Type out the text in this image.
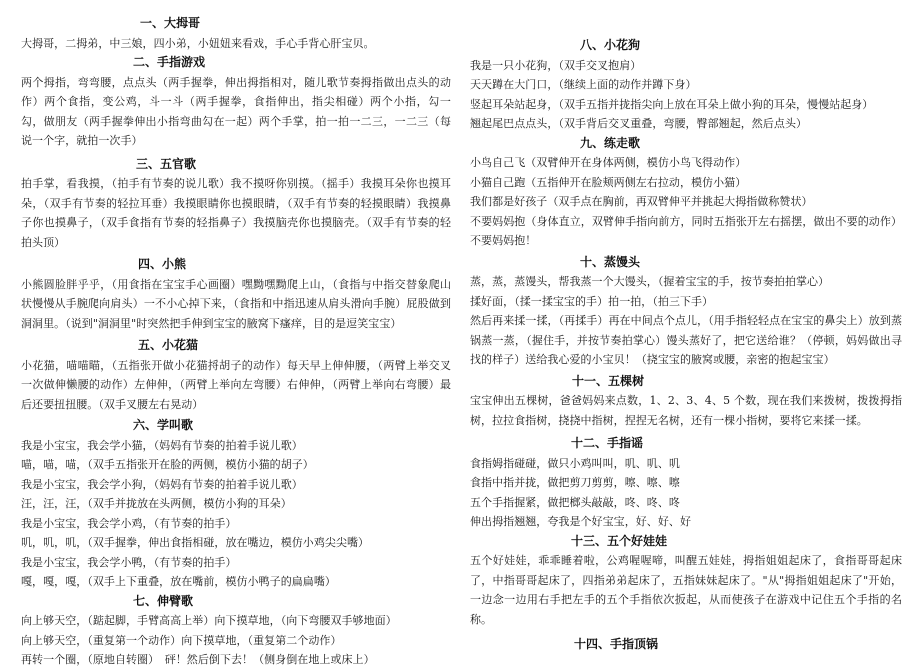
一、大拇哥

大拇哥，二拇弟，中三娘，四小弟，小妞妞来看戏，手心手背心肝宝贝。

二、手指游戏

两个拇指，弯弯腰，点点头（两手握拳，伸出拇指相对，随儿歌节奏拇指做出点头的动作）两个食指，变公鸡，斗一斗（两手握拳，食指伸出，指尖相碰）两个小指，勾一勾，做朋友（两手握拳伸出小指弯曲勾在一起）两个手掌，拍一拍一二三，一二三（每说一个字，就拍一次手）

三、五官歌

拍手掌，看我摸，（拍手有节奏的说儿歌）我不摸呀你别摸。（摇手）我摸耳朵你也摸耳朵，（双手有节奏的轻拉耳垂）我摸眼睛你也摸眼睛，（双手有节奏的轻摸眼睛）我摸鼻子你也摸鼻子，（双手食指有节奏的轻指鼻子）我摸脑壳你也摸脑壳。（双手有节奏的轻拍头顶）

四、小熊

小熊圆脸胖乎乎，（用食指在宝宝手心画圈）嘿黝嘿黝爬上山，（食指与中指交替象爬山状慢慢从手腕爬向肩头）一不小心掉下来，（食指和中指迅速从肩头滑向手腕）屁股做到洞洞里。（说到"洞洞里"时突然把手伸到宝宝的腋窝下瘙痒，目的是逗笑宝宝）

五、小花猫

小花猫，喵喵瞄，（五指张开做小花猫捋胡子的动作）每天早上伸伸腰，（两臂上举交叉一次做伸懒腰的动作）左伸伸，（两臂上举向左弯腰）右伸伸，（两臂上举向右弯腰）最后还要扭扭腰。（双手叉腰左右晃动）

六、学叫歌
我是小宝宝，我会学小猫，（妈妈有节奏的拍着手说儿歌）
喵，喵，喵，（双手五指张开在脸的两侧，模仿小猫的胡子）
我是小宝宝，我会学小狗，（妈妈有节奏的拍着手说儿歌）
汪，汪，汪，（双手并拢放在头两侧，模仿小狗的耳朵）
我是小宝宝，我会学小鸡，（有节奏的拍手）
叽，叽，叽，（双手握拳，伸出食指相碰，放在嘴边，模仿小鸡尖尖嘴）
我是小宝宝，我会学小鸭，（有节奏的拍手）
嘎，嘎，嘎，（双手上下重叠，放在嘴前，模仿小鸭子的扁扁嘴）
七、伸臂歌
向上够天空，（踮起脚，手臂高高上举）向下摸草地，（向下弯腰双手够地面）
向上够天空，（重复第一个动作）向下摸草地，（重复第二个动作）
再转一个圈，（原地自转圈）　砰！然后倒下去！（侧身倒在地上或床上）
八、小花狗
我是一只小花狗，（双手交叉抱肩）
天天蹲在大门口，（继续上面的动作并蹲下身）
竖起耳朵站起身，（双手五指并拢指尖向上放在耳朵上做小狗的耳朵，慢慢站起身）
翘起尾巴点点头，（双手背后交叉重叠，弯腰，臀部翘起，然后点头）
九、练走歌
小鸟自己飞（双臂伸开在身体两侧，模仿小鸟飞得动作）
小猫自己跑（五指伸开在脸颊两侧左右拉动，模仿小猫）
我们都是好孩子（双手点在胸前，再双臂伸平并挑起大拇指做称赞状）

不要妈妈抱（身体直立，双臂伸手指向前方，同时五指张开左右摇摆，做出不要的动作）不要妈妈抱！

十、蒸馒头
蒸，蒸，蒸馒头，帮我蒸一个大馒头，（握着宝宝的手，按节奏拍拍掌心）
揉好面，（揉一揉宝宝的手）拍一拍，（拍三下手）

然后再来揉一揉，（再揉手）再在中间点个点儿，（用手指轻轻点在宝宝的鼻尖上）放到蒸锅蒸一蒸，（握住手，并按节奏拍掌心）馒头蒸好了，把它送给谁？（停顿，妈妈做出寻找的样子）送给我心爱的小宝贝！（挠宝宝的腋窝或腰，亲密的抱起宝宝）

十一、五棵树

宝宝伸出五棵树，爸爸妈妈来点数，1、2、3、4、5 个数，现在我们来拨树，拨拨拇指树，拉拉食指树，挠挠中指树，捏捏无名树，还有一棵小指树，要将它来揉一揉。

十二、手指谣
食指姆指碰碰，做只小鸡叫叫，叽、叽、叽
食指中指并拢，做把剪刀剪剪，嚓、嚓、嚓
五个手指握紧，做把榔头敲敲，咚、咚、咚
伸出拇指翘翘，夸我是个好宝宝，好、好、好
十三、五个好娃娃

五个好娃娃，乖乖睡着啦，公鸡喔喔啼，叫醒五娃娃，拇指姐姐起床了，食指哥哥起床了，中指哥哥起床了，四指弟弟起床了，五指妹妹起床了。"从"拇指姐姐起床了"开始，一边念一边用右手把左手的五个手指依次扳起，从而使孩子在游戏中记住五个手指的名称。

十四、手指顶锅
